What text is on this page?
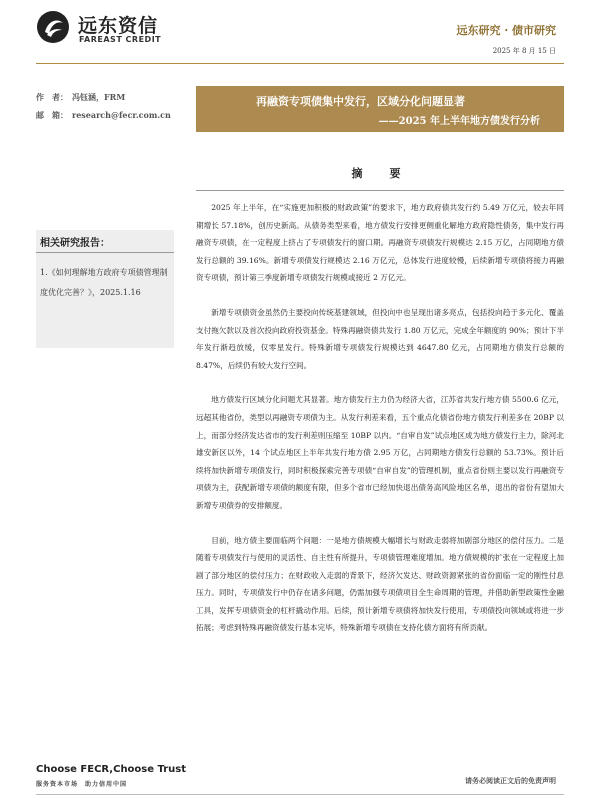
远东资信
FAREAST CREDIT
远东研究 · 债市研究
2025 年 8 月 15 日
作　者： 冯钰涵，FRM
邮　箱： research@fecr.com.cn
再融资专项债集中发行，区域分化问题显著
——2025 年上半年地方债发行分析
摘　要
相关研究报告：
1.《如何理解地方政府专项债管理制度优化完善？》，2025.1.16

2025 年上半年，在“实施更加积极的财政政策”的要求下，地方政府债共发行约 5.49 万亿元，较去年同期增长 57.18%，创历史新高。从债务类型来看，地方债发行安排更侧重化解地方政府隐性债务，集中发行再融资专项债，在一定程度上挤占了专项债发行的窗口期。再融资专项债发行规模达 2.15 万亿，占同期地方债发行总额的 39.16%。新增专项债发行规模达 2.16 万亿元，总体发行进度较慢，后续新增专项债将接力再融资专项债，预计第三季度新增专项债发行规模或接近 2 万亿元。

新增专项债资金虽然仍主要投向传统基建领域，但投向中也呈现出诸多亮点，包括投向趋于多元化、覆盖支付拖欠款以及首次投向政府投资基金。特殊再融资债共发行 1.80 万亿元，完成全年额度的 90%；预计下半年发行渐趋放缓，仅零星发行。特殊新增专项债发行规模达到 4647.80 亿元，占同期地方债发行总额的 8.47%，后续仍有较大发行空间。

地方债发行区域分化问题尤其显著。地方债发行主力仍为经济大省，江苏省共发行地方债 5500.6 亿元，远超其他省份，类型以再融资专项债为主。从发行利差来看，五个重点化债省份地方债发行利差多在 20BP 以上，而部分经济发达省市的发行利差则压缩至 10BP 以内。“自审自发”试点地区成为地方债发行主力，除河北雄安新区以外，14 个试点地区上半年共发行地方债 2.95 万亿，占同期地方债发行总额的 53.73%。预计后续将加快新增专项债发行，同时积极探索完善专项债“自审自发”的管理机制，重点省份则主要以发行再融资专项债为主，获配新增专项债的额度有限，但多个省市已经加快退出债务高风险地区名单，退出的省份有望加大新增专项债券的安排额度。

目前，地方债主要面临两个问题：一是地方债规模大幅增长与财政走弱将加剧部分地区的偿付压力。二是随着专项债发行与使用的灵活性、自主性有所提升，专项债管理难度增加。地方债规模的扩张在一定程度上加剧了部分地区的偿付压力；在财政收入走弱的背景下，经济欠发达、财政资源紧张的省份面临一定的刚性付息压力。同时，专项债发行中仍存在诸多问题，仍需加强专项债项目全生命周期的管理，并借助新型政策性金融工具，发挥专项债资金的杠杆撬动作用。后续，预计新增专项债将加快发行使用，专项债投向领域或将进一步拓展；考虑到特殊再融资债发行基本完毕，特殊新增专项债在支持化债方面将有所贡献。

Choose FECR,Choose Trust
服务资本市场　助力信用中国	请务必阅读正文后的免责声明
